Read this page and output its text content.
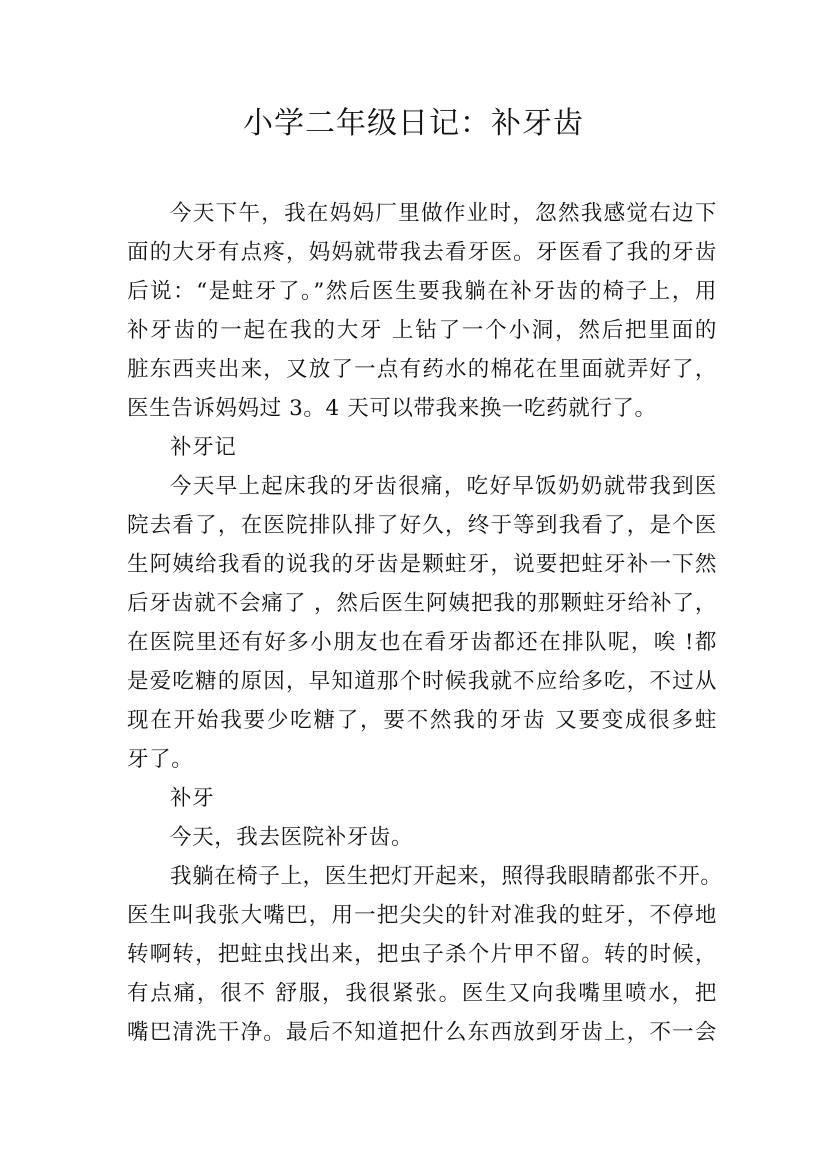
小学二年级日记：补牙齿
今天下午，我在妈妈厂里做作业时，忽然我感觉右边下
面的大牙有点疼，妈妈就带我去看牙医。牙医看了我的牙齿
后说：“是蛀牙了。”然后医生要我躺在补牙齿的椅子上，用
补牙齿的一起在我的大牙 上钻了一个小洞，然后把里面的
脏东西夹出来，又放了一点有药水的棉花在里面就弄好了，
医生告诉妈妈过 3。4 天可以带我来换一吃药就行了。
补牙记
今天早上起床我的牙齿很痛，吃好早饭奶奶就带我到医
院去看了，在医院排队排了好久，终于等到我看了，是个医
生阿姨给我看的说我的牙齿是颗蛀牙，说要把蛀牙补一下然
后牙齿就不会痛了 ，然后医生阿姨把我的那颗蛀牙给补了，
在医院里还有好多小朋友也在看牙齿都还在排队呢，唉 !都
是爱吃糖的原因，早知道那个时候我就不应给多吃，不过从
现在开始我要少吃糖了，要不然我的牙齿 又要变成很多蛀
牙了。
补牙
今天，我去医院补牙齿。
我躺在椅子上，医生把灯开起来，照得我眼睛都张不开。
医生叫我张大嘴巴，用一把尖尖的针对准我的蛀牙，不停地
转啊转，把蛀虫找出来，把虫子杀个片甲不留。转的时候，
有点痛，很不 舒服，我很紧张。医生又向我嘴里喷水，把
嘴巴清洗干净。最后不知道把什么东西放到牙齿上，不一会
